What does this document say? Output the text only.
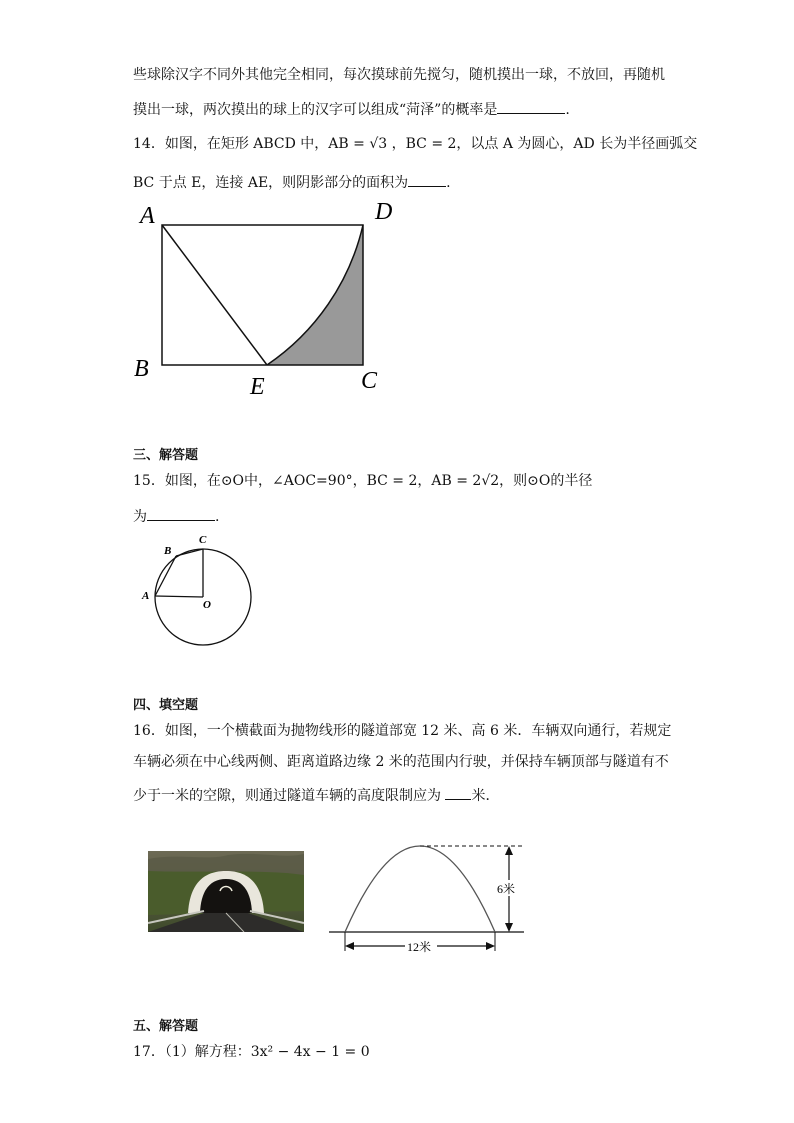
些球除汉字不同外其他完全相同，每次摸球前先搅匀，随机摸出一球，不放回，再随机
摸出一球，两次摸出的球上的汉字可以组成“菏泽”的概率是	.
14．如图，在矩形 ABCD 中，AB = √3 ，BC = 2，以点 A 为圆心，AD 长为半径画弧交
BC 于点 E，连接 AE，则阴影部分的面积为	.
A	D
B
E	C
三、解答题
15．如图，在⊙O中，∠AOC=90°，BC = 2，AB = 2√2，则⊙O的半径
为	.
B
C
A
O
四、填空题
16．如图，一个横截面为抛物线形的隧道部宽 12 米、高 6 米．车辆双向通行，若规定
车辆必须在中心线两侧、距离道路边缘 2 米的范围内行驶，并保持车辆顶部与隧道有不
少于一米的空隙，则通过隧道车辆的高度限制应为 米．
6米
12米
五、解答题
17．（1）解方程：3x² − 4x − 1 = 0
